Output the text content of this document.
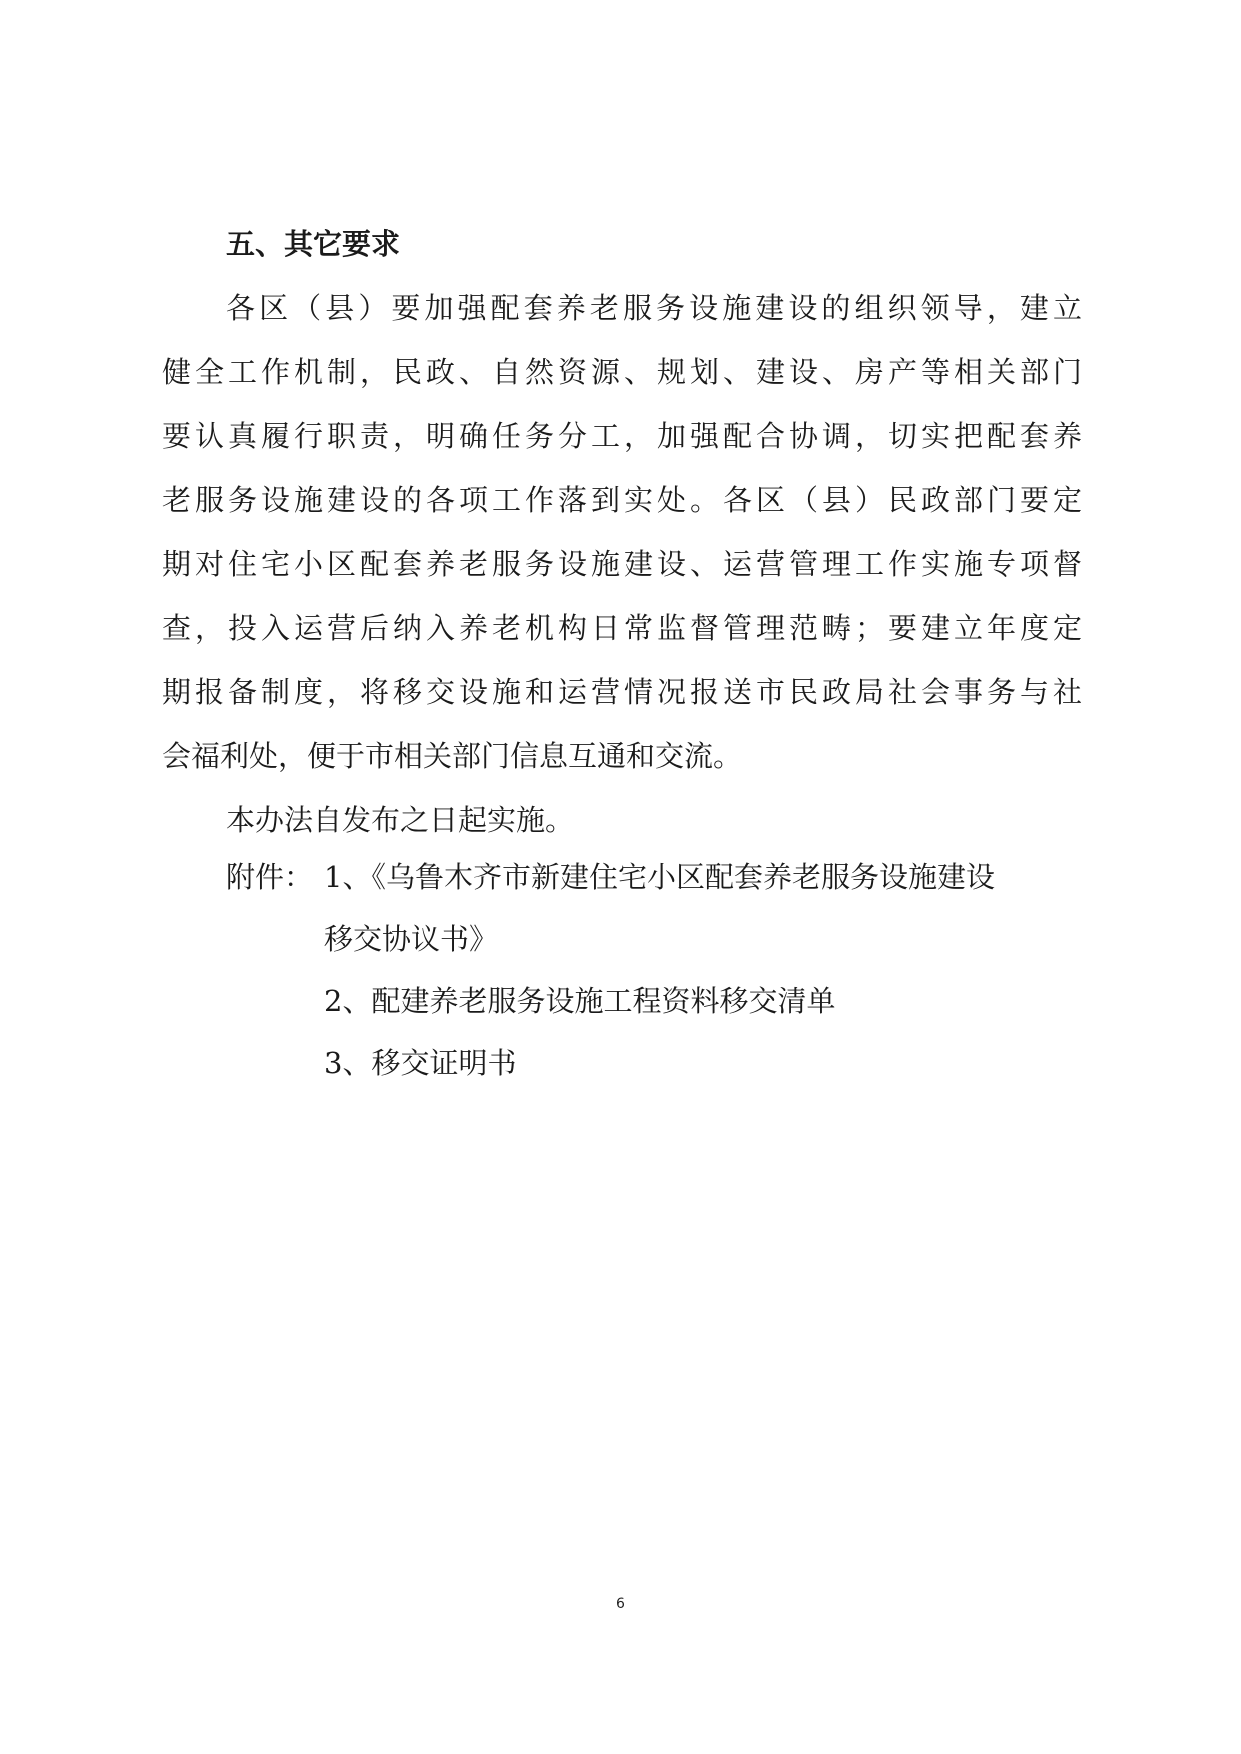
五、其它要求

各区（县）要加强配套养老服务设施建设的组织领导，建立
健全工作机制，民政、自然资源、规划、建设、房产等相关部门
要认真履行职责，明确任务分工，加强配合协调，切实把配套养
老服务设施建设的各项工作落到实处。各区（县）民政部门要定
期对住宅小区配套养老服务设施建设、运营管理工作实施专项督
查，投入运营后纳入养老机构日常监督管理范畴；要建立年度定
期报备制度，将移交设施和运营情况报送市民政局社会事务与社
会福利处，便于市相关部门信息互通和交流。

本办法自发布之日起实施。

附件： 1、《乌鲁木齐市新建住宅小区配套养老服务设施建设
移交协议书》
2、配建养老服务设施工程资料移交清单
3、移交证明书
6
